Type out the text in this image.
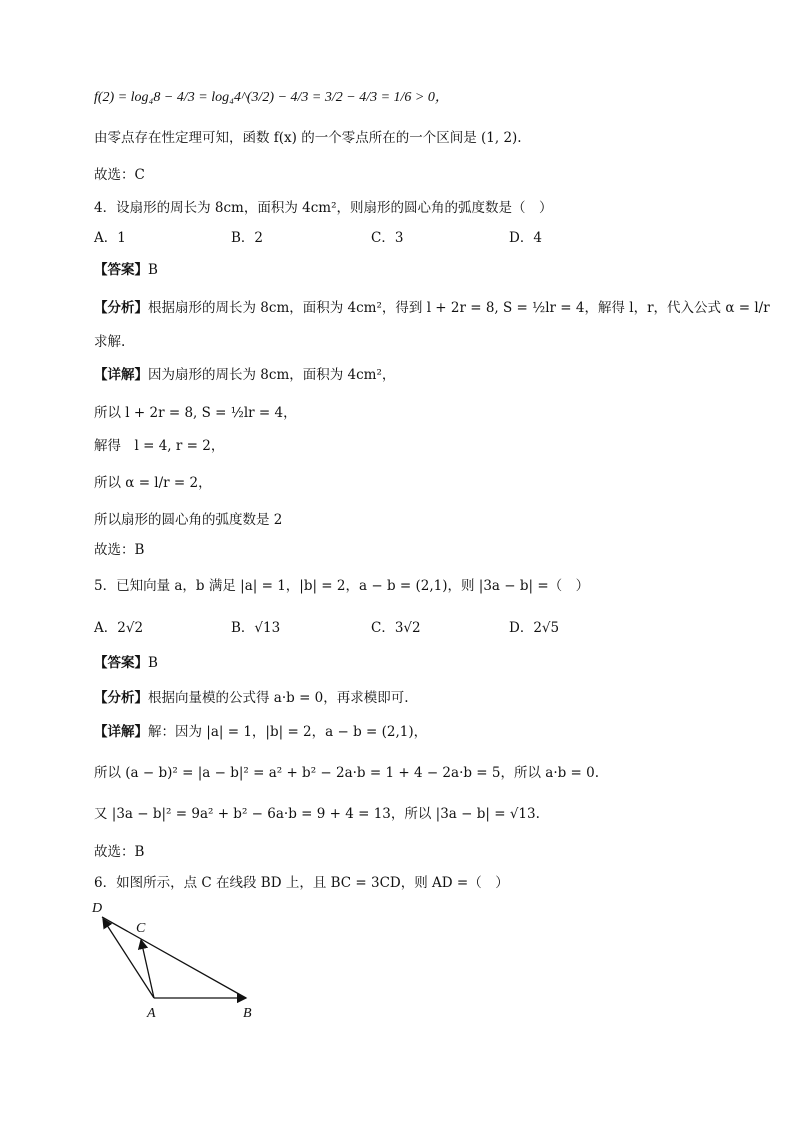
f(2) = log₄8 − 4/3 = log₄4^(3/2) − 4/3 = 3/2 − 4/3 = 1/6 > 0，
由零点存在性定理可知，函数 f(x) 的一个零点所在的一个区间是 (1, 2).
故选：C
4．设扇形的周长为 8cm，面积为 4cm²，则扇形的圆心角的弧度数是（　）
A．1	B．2	C．3	D．4
【答案】B
【分析】根据扇形的周长为 8cm，面积为 4cm²，得到 l + 2r = 8, S = ½lr = 4，解得 l，r，代入公式 α = l/r
求解.
【详解】因为扇形的周长为 8cm，面积为 4cm²，
所以 l + 2r = 8, S = ½lr = 4，
解得　l = 4, r = 2，
所以 α = l/r = 2，
所以扇形的圆心角的弧度数是 2
故选：B
5．已知向量 a，b 满足 |a| = 1，|b| = 2，a − b = (2,1)，则 |3a − b| =（　）
A．2√2	B．√13	C．3√2	D．2√5
【答案】B
【分析】根据向量模的公式得 a·b = 0，再求模即可.
【详解】解：因为 |a| = 1，|b| = 2，a − b = (2,1)，
所以 (a − b)² = |a − b|² = a² + b² − 2a·b = 1 + 4 − 2a·b = 5，所以 a·b = 0.
又 |3a − b|² = 9a² + b² − 6a·b = 9 + 4 = 13，所以 |3a − b| = √13.
故选：B
6．如图所示，点 C 在线段 BD 上，且 BC = 3CD，则 AD =（　）
D
C
A	B
